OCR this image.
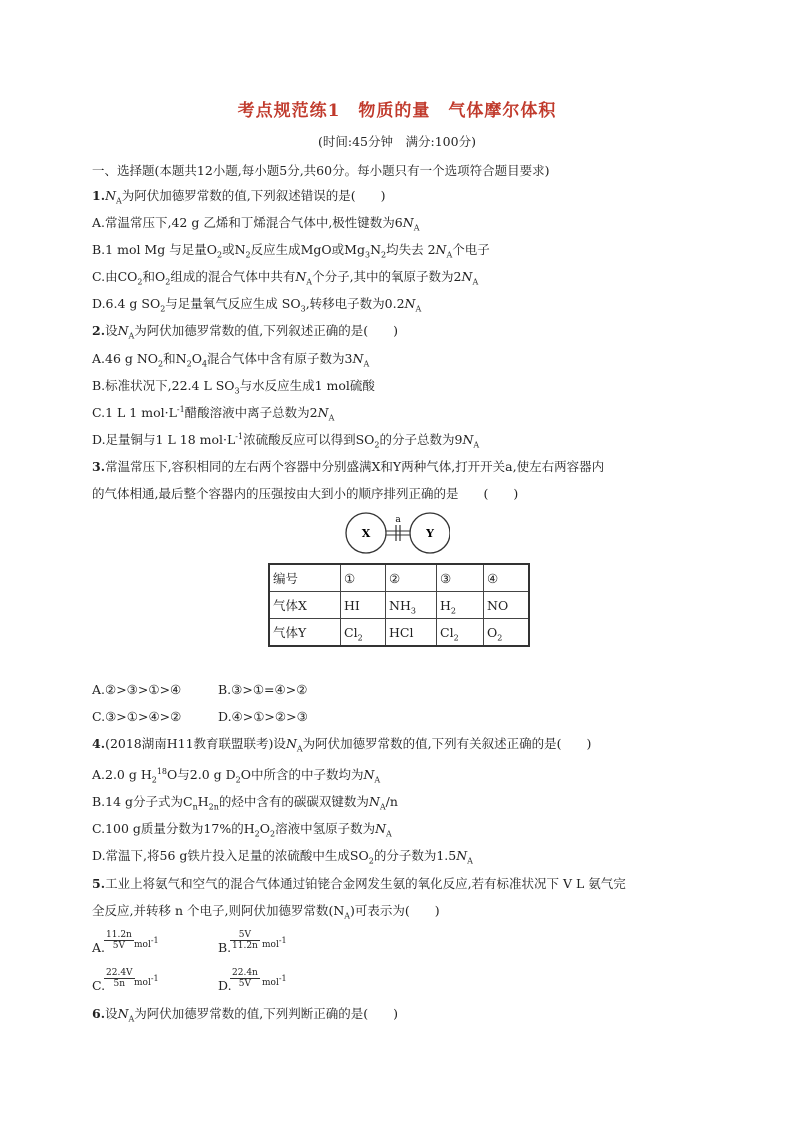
考点规范练1　物质的量　气体摩尔体积
(时间:45分钟　满分:100分)
一、选择题(本题共12小题,每小题5分,共60分。每小题只有一个选项符合题目要求)
$1.N_A$为阿伏加德罗常数的值,下列叙述错误的是(　　)
A.常温常压下,42 g 乙烯和丁烯混合气体中,极性键数为$6N_A$
B.1 mol Mg 与足量$O_2$或$N_2$反应生成MgO或$Mg_3N_2$均失去 $2N_A$个电子
C.由$CO_2$和$O_2$组成的混合气体中共有$N_A$个分子,其中的氧原子数为$2N_A$
D.6.4 g $SO_2$与足量氧气反应生成 $SO_3$,转移电子数为$0.2N_A$
2.设$N_A$为阿伏加德罗常数的值,下列叙述正确的是(　　)
A.46 g $NO_2$和$N_2O_4$混合气体中含有原子数为$3N_A$
B.标准状况下,22.4 L $SO_3$与水反应生成1 mol硫酸
C.1 L 1 $mol\cdot L^{-1}$醋酸溶液中离子总数为$2N_A$
D.足量铜与1 L 18 $mol\cdot L^{-1}$浓硫酸反应可以得到$SO_2$的分子总数为$9N_A$
3.常温常压下,容积相同的左右两个容器中分别盛满X和Y两种气体,打开开关a,使左右两容器内
的气体相通,最后整个容器内的压强按由大到小的顺序排列正确的是　　(　　)
X	Y
a
编号	①	②	③	④
气体X	HI	$NH_3$	$H_2$	NO
气体Y	$Cl_2$	HCl	$Cl_2$	$O_2$
A.②>③>①>④	B.③>①=④>②
C.③>①>④>②	D.④>①>②>③
4.(2018湖南H11教育联盟联考)设$N_A$为阿伏加德罗常数的值,下列有关叙述正确的是(　　)
A.2.0 g $H_2^{18}O$与2.0 g $D_2O$中所含的中子数均为$N_A$
B.14 g分子式为$C_nH_{2n}$的烃中含有的碳碳双键数为$N_A/n$
C.100 g质量分数为17%的$H_2O_2$溶液中氢原子数为$N_A$
D.常温下,将56 g铁片投入足量的浓硫酸中生成$SO_2$的分子数为$1.5N_A$
5.工业上将氨气和空气的混合气体通过铂铑合金网发生氨的氧化反应,若有标准状况下 V L 氨气完
全反应,并转移 n 个电子,则阿伏加德罗常数$(N_A)$可表示为(　　)
A.
$\frac{11.2n}{5V} mol^{-1}$	B.
$\frac{5V}{11.2n} mol^{-1}$
C.
$\frac{22.4V}{5n} mol^{-1}$	D.
$\frac{22.4n}{5V} mol^{-1}$
6.设$N_A$为阿伏加德罗常数的值,下列判断正确的是(　　)
